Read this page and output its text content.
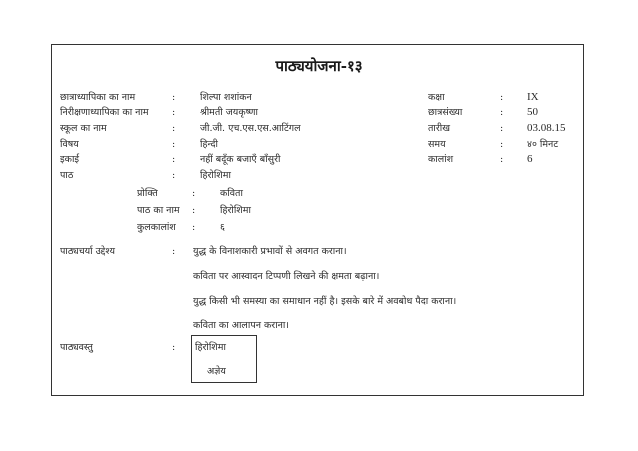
पाठ्ययोजना-१३
छात्राध्यापिका का नाम	:	शिल्पा शशांकन
निरीक्षणाध्यापिका का नाम :	श्रीमती जयकृष्णा
स्कूल का नाम	:	जी.जी. एच.एस.एस.आटिंगल
विषय	:	हिन्दी
इकाई	:	नहीं बदूँक बजाएँ बाँसुरी
पाठ	:	हिरोशिमा
कक्षा	: IX
छात्रसंख्या	: 50
तारीख	: 03.08.15
समय	:	४० मिनट
कालांश	: 6
प्रोक्ति	:	कविता
पाठ का नाम :	हिरोशिमा
कुलकालांश :	६
पाठ्यचर्या उद्देश्य	: युद्ध के विनाशकारी प्रभावों से अवगत कराना।
कविता पर आस्वादन टिप्पणी लिखने की क्षमता बढ़ाना।
युद्ध किसी भी समस्या का समाधान नहीं है। इसके बारे में अवबोध पैदा कराना।
कविता का आलापन कराना।
पाठ्यवस्तु	: हिरोशिमा
अज्ञेय
